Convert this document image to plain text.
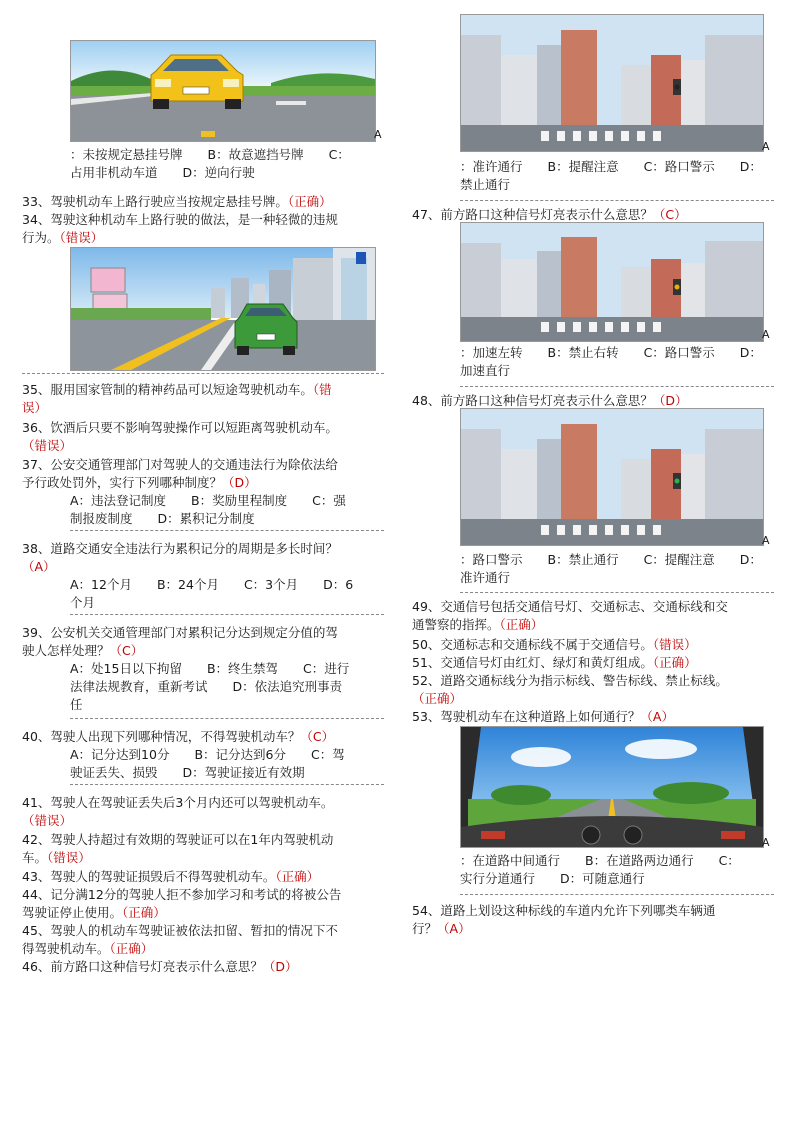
A
：未按规定悬挂号牌　　B：故意遮挡号牌　　C：
占用非机动车道　　D：逆向行驶
33、驾驶机动车上路行驶应当按规定悬挂号牌。（正确）
34、驾驶这种机动车上路行驶的做法，是一种轻微的违规
行为。（错误）
35、服用国家管制的精神药品可以短途驾驶机动车。（错
误）
36、饮酒后只要不影响驾驶操作可以短距离驾驶机动车。
（错误）
37、公安交通管理部门对驾驶人的交通违法行为除依法给
予行政处罚外，实行下列哪种制度？（D）
A：违法登记制度　　B：奖励里程制度　　C：强
制报废制度　　D：累积记分制度
38、道路交通安全违法行为累积记分的周期是多长时间？
（A）
A：12个月　　B：24个月　　C：3个月　　D：6
个月
39、公安机关交通管理部门对累积记分达到规定分值的驾
驶人怎样处理？（C）
A：处15日以下拘留　　B：终生禁驾　　C：进行
法律法规教育，重新考试　　D：依法追究刑事责
任
40、驾驶人出现下列哪种情况，不得驾驶机动车？（C）
A：记分达到10分　　B：记分达到6分　　C：驾
驶证丢失、损毁　　D：驾驶证接近有效期
41、驾驶人在驾驶证丢失后3个月内还可以驾驶机动车。
（错误）
42、驾驶人持超过有效期的驾驶证可以在1年内驾驶机动
车。（错误）
43、驾驶人的驾驶证损毁后不得驾驶机动车。（正确）
44、记分满12分的驾驶人拒不参加学习和考试的将被公告
驾驶证停止使用。（正确）
45、驾驶人的机动车驾驶证被依法扣留、暂扣的情况下不
得驾驶机动车。（正确）
46、前方路口这种信号灯亮表示什么意思？（D）
A
：准许通行　　B：提醒注意　　C：路口警示　　D：
禁止通行
47、前方路口这种信号灯亮表示什么意思？（C）
A
：加速左转　　B：禁止右转　　C：路口警示　　D：
加速直行
48、前方路口这种信号灯亮表示什么意思？（D）
A
：路口警示　　B：禁止通行　　C：提醒注意　　D：
准许通行
49、交通信号包括交通信号灯、交通标志、交通标线和交
通警察的指挥。（正确）
50、交通标志和交通标线不属于交通信号。（错误）
51、交通信号灯由红灯、绿灯和黄灯组成。（正确）
52、道路交通标线分为指示标线、警告标线、禁止标线。
（正确）
53、驾驶机动车在这种道路上如何通行？（A）
A
：在道路中间通行　　B：在道路两边通行　　C：
实行分道通行　　D：可随意通行
54、道路上划设这种标线的车道内允许下列哪类车辆通
行？（A）
